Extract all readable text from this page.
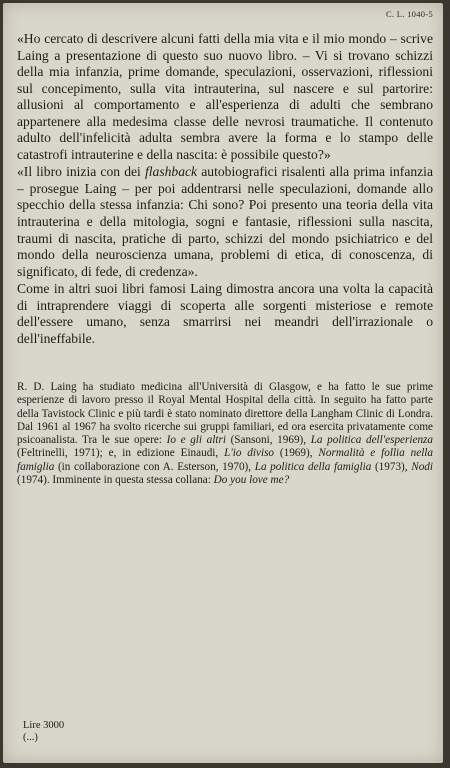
C. L. 1040-5

«Ho cercato di descrivere alcuni fatti della mia vita e il mio mondo – scrive Laing a presentazione di questo suo nuovo libro. – Vi si trovano schizzi della mia infanzia, prime domande, speculazioni, osservazioni, riflessioni sul concepimento, sulla vita intrauterina, sul nascere e sul partorire: allusioni al comportamento e all'esperienza di adulti che sembrano appartenere alla medesima classe delle nevrosi traumatiche. Il contenuto adulto dell'infelicità adulta sembra avere la forma e lo stampo delle catastrofi intrauterine e della nascita: è possibile questo?»

«Il libro inizia con dei flashback autobiografici risalenti alla prima infanzia – prosegue Laing – per poi addentrarsi nelle speculazioni, domande allo specchio della stessa infanzia: Chi sono? Poi presento una teoria della vita intrauterina e della mitologia, sogni e fantasie, riflessioni sulla nascita, traumi di nascita, pratiche di parto, schizzi del mondo psichiatrico e del mondo della neuroscienza umana, problemi di etica, di conoscenza, di significato, di fede, di credenza».

Come in altri suoi libri famosi Laing dimostra ancora una volta la capacità di intraprendere viaggi di scoperta alle sorgenti misteriose e remote dell'essere umano, senza smarrirsi nei meandri dell'irrazionale o dell'ineffabile.

R. D. Laing ha studiato medicina all'Università di Glasgow, e ha fatto le sue prime esperienze di lavoro presso il Royal Mental Hospital della città. In seguito ha fatto parte della Tavistock Clinic e più tardi è stato nominato direttore della Langham Clinic di Londra. Dal 1961 al 1967 ha svolto ricerche sui gruppi familiari, ed ora esercita privatamente come psicoanalista. Tra le sue opere: Io e gli altri (Sansoni, 1969), La politica dell'esperienza (Feltrinelli, 1971); e, in edizione Einaudi, L'io diviso (1969), Normalità e follia nella famiglia (in collaborazione con A. Esterson, 1970), La politica della famiglia (1973), Nodi (1974). Imminente in questa stessa collana: Do you love me?

Lire 3000
(...)
